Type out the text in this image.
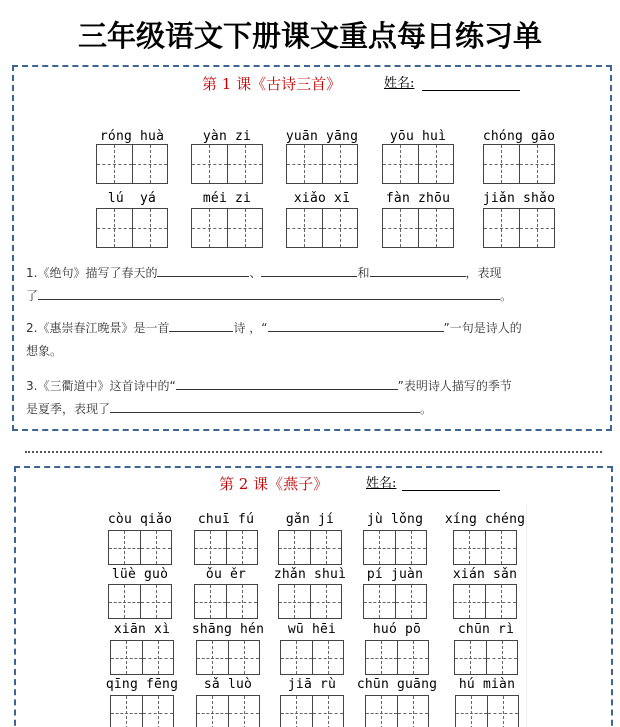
三年级语文下册课文重点每日练习单
第 1 课《古诗三首》	姓名:
róng huà	yàn zi	yuān yāng	yōu huì	chóng gāo
lú  yá	méi zi	xiǎo xī	fàn zhōu	jiǎn shǎo
1.《绝句》描写了春天的	、	和	，表现
了	。
2.《惠崇春江晚景》是一首	诗 ，“	”一句是诗人的
想象。
3.《三衢道中》这首诗中的“	”表明诗人描写的季节
是夏季，表现了	。
第 2 课《燕子》	姓名:
còu qiǎo	chuī fú	gǎn jí	jù lǒng	xíng chéng
lüè guò	ǒu ěr	zhǎn shuì	pí juàn	xián sǎn
xiān xì	shāng hén	wū hēi	huó pō	chūn rì
qīng fēng	sǎ luò	jiā rù	chūn guāng	hú miàn
